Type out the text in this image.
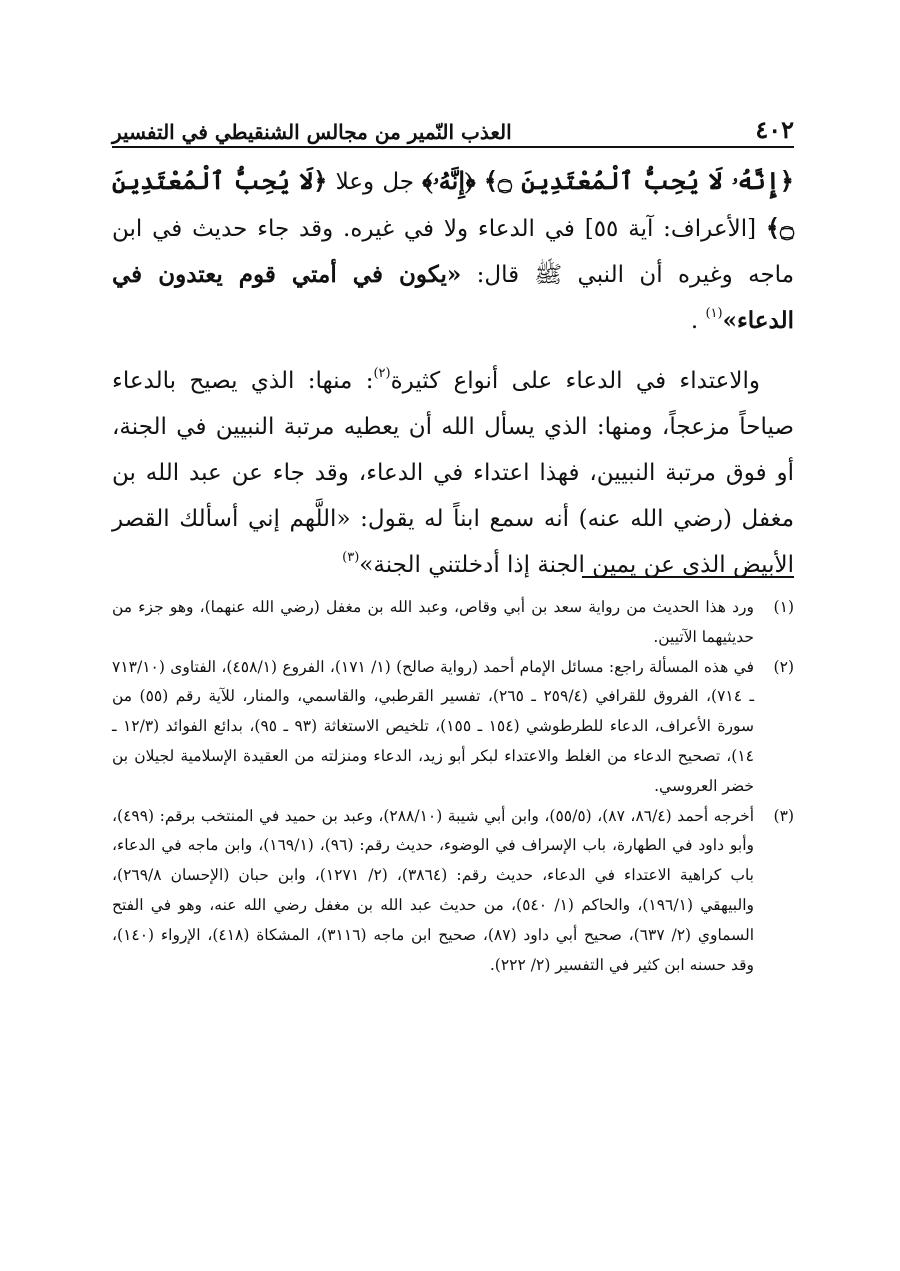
٤٠٢
العذب النّمير من مجالس الشنقيطي في التفسير

﴿إِنَّهُۥ لَا يُحِبُّ ٱلْمُعْتَدِينَ ۝﴾ ﴿إِنَّهُۥ﴾ جل وعلا ﴿لَا يُحِبُّ ٱلْمُعْتَدِينَ ۝﴾ [الأعراف: آية ٥٥] في الدعاء ولا في غيره. وقد جاء حديث في ابن ماجه وغيره أن النبي ﷺ قال: «يكون في أمتي قوم يعتدون في الدعاء»$^{(١)}$ .

والاعتداء في الدعاء على أنواع كثيرة$^{(٢)}$: منها: الذي يصيح بالدعاء صياحاً مزعجاً، ومنها: الذي يسأل الله أن يعطيه مرتبة النبيين في الجنة، أو فوق مرتبة النبيين، فهذا اعتداء في الدعاء، وقد جاء عن عبد الله بن مغفل (رضي الله عنه) أنه سمع ابناً له يقول: «اللَّهم إني أسألك القصر الأبيض الذي عن يمين الجنة إذا أدخلتني الجنة»$^{(٣)}$

(١)
ورد هذا الحديث من رواية سعد بن أبي وقاص، وعبد الله بن مغفل (رضي الله عنهما)، وهو جزء من حديثيهما الآتيين.
(٢)
في هذه المسألة راجع: مسائل الإمام أحمد (رواية صالح) (١/ ١٧١)، الفروع (٤٥٨/١)، الفتاوى (٧١٣/١٠ ـ ٧١٤)، الفروق للقرافي (٢٥٩/٤ ـ ٢٦٥)، تفسير القرطبي، والقاسمي، والمنار، للآية رقم (٥٥) من سورة الأعراف، الدعاء للطرطوشي (١٥٤ ـ ١٥٥)، تلخيص الاستغاثة (٩٣ ـ ٩٥)، بدائع الفوائد (١٢/٣ ـ ١٤)، تصحيح الدعاء من الغلط والاعتداء لبكر أبو زيد، الدعاء ومنزلته من العقيدة الإسلامية لجيلان بن خضر العروسي.
(٣)
أخرجه أحمد (٨٦/٤، ٨٧)، (٥٥/٥)، وابن أبي شيبة (٢٨٨/١٠)، وعبد بن حميد في المنتخب برقم: (٤٩٩)، وأبو داود في الطهارة، باب الإسراف في الوضوء، حديث رقم: (٩٦)، (١٦٩/١)، وابن ماجه في الدعاء، باب كراهية الاعتداء في الدعاء، حديث رقم: (٣٨٦٤)، (٢/ ١٢٧١)، وابن حبان (الإحسان ٢٦٩/٨)، والبيهقي (١٩٦/١)، والحاكم (١/ ٥٤٠)، من حديث عبد الله بن مغفل رضي الله عنه، وهو في الفتح السماوي (٢/ ٦٣٧)، صحيح أبي داود (٨٧)، صحيح ابن ماجه (٣١١٦)، المشكاة (٤١٨)، الإرواء (١٤٠)، وقد حسنه ابن كثير في التفسير (٢/ ٢٢٢).
